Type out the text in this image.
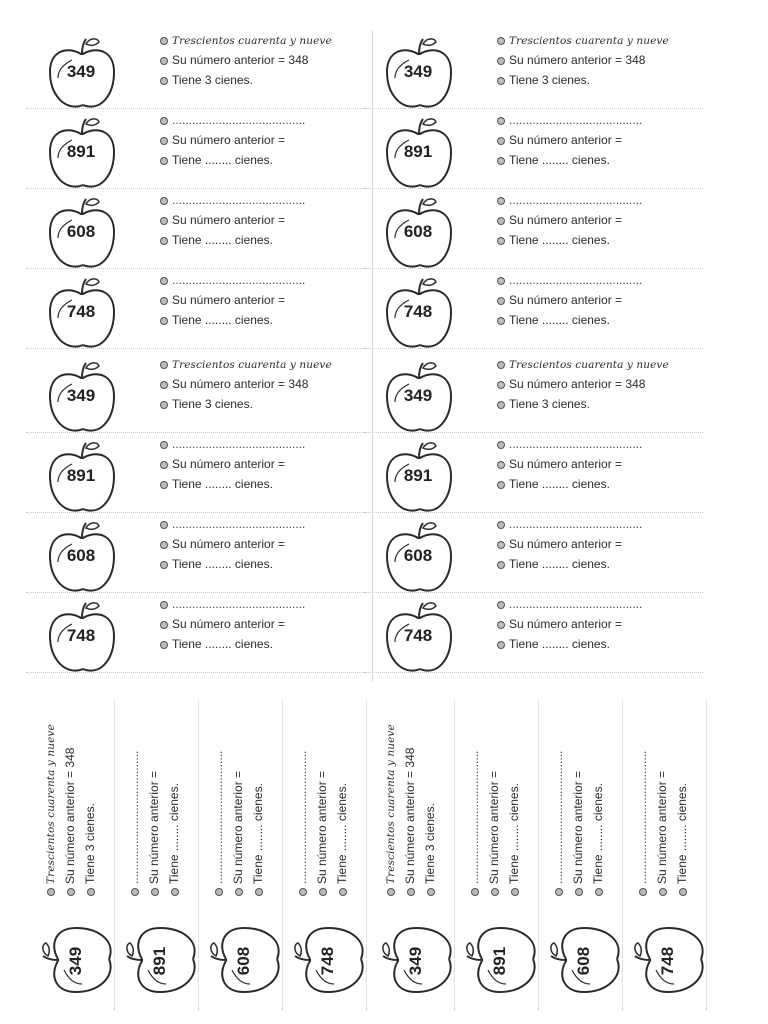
349
Trescientos cuarenta y nueve
Su número anterior = 348
Tiene 3 cienes.
891
........................................
Su número anterior =
Tiene ........ cienes.
608
........................................
Su número anterior =
Tiene ........ cienes.
748
........................................
Su número anterior =
Tiene ........ cienes.
349
Trescientos cuarenta y nueve
Su número anterior = 348
Tiene 3 cienes.
891
........................................
Su número anterior =
Tiene ........ cienes.
608
........................................
Su número anterior =
Tiene ........ cienes.
748
........................................
Su número anterior =
Tiene ........ cienes.
349
Trescientos cuarenta y nueve
Su número anterior = 348
Tiene 3 cienes.
891
........................................
Su número anterior =
Tiene ........ cienes.
608
........................................
Su número anterior =
Tiene ........ cienes.
748
........................................
Su número anterior =
Tiene ........ cienes.
349
Trescientos cuarenta y nueve
Su número anterior = 348
Tiene 3 cienes.
891
........................................
Su número anterior =
Tiene ........ cienes.
608
........................................
Su número anterior =
Tiene ........ cienes.
748
........................................
Su número anterior =
Tiene ........ cienes.
349
Trescientos cuarenta y nueve Su número anterior = 348 Tiene 3 cienes.
891
........................................ Su número anterior = Tiene ........ cienes.
608
........................................ Su número anterior = Tiene ........ cienes.
748
........................................ Su número anterior = Tiene ........ cienes.
349
Trescientos cuarenta y nueve Su número anterior = 348 Tiene 3 cienes.
891
........................................ Su número anterior = Tiene ........ cienes.
608
........................................ Su número anterior = Tiene ........ cienes.
748
........................................ Su número anterior = Tiene ........ cienes.
